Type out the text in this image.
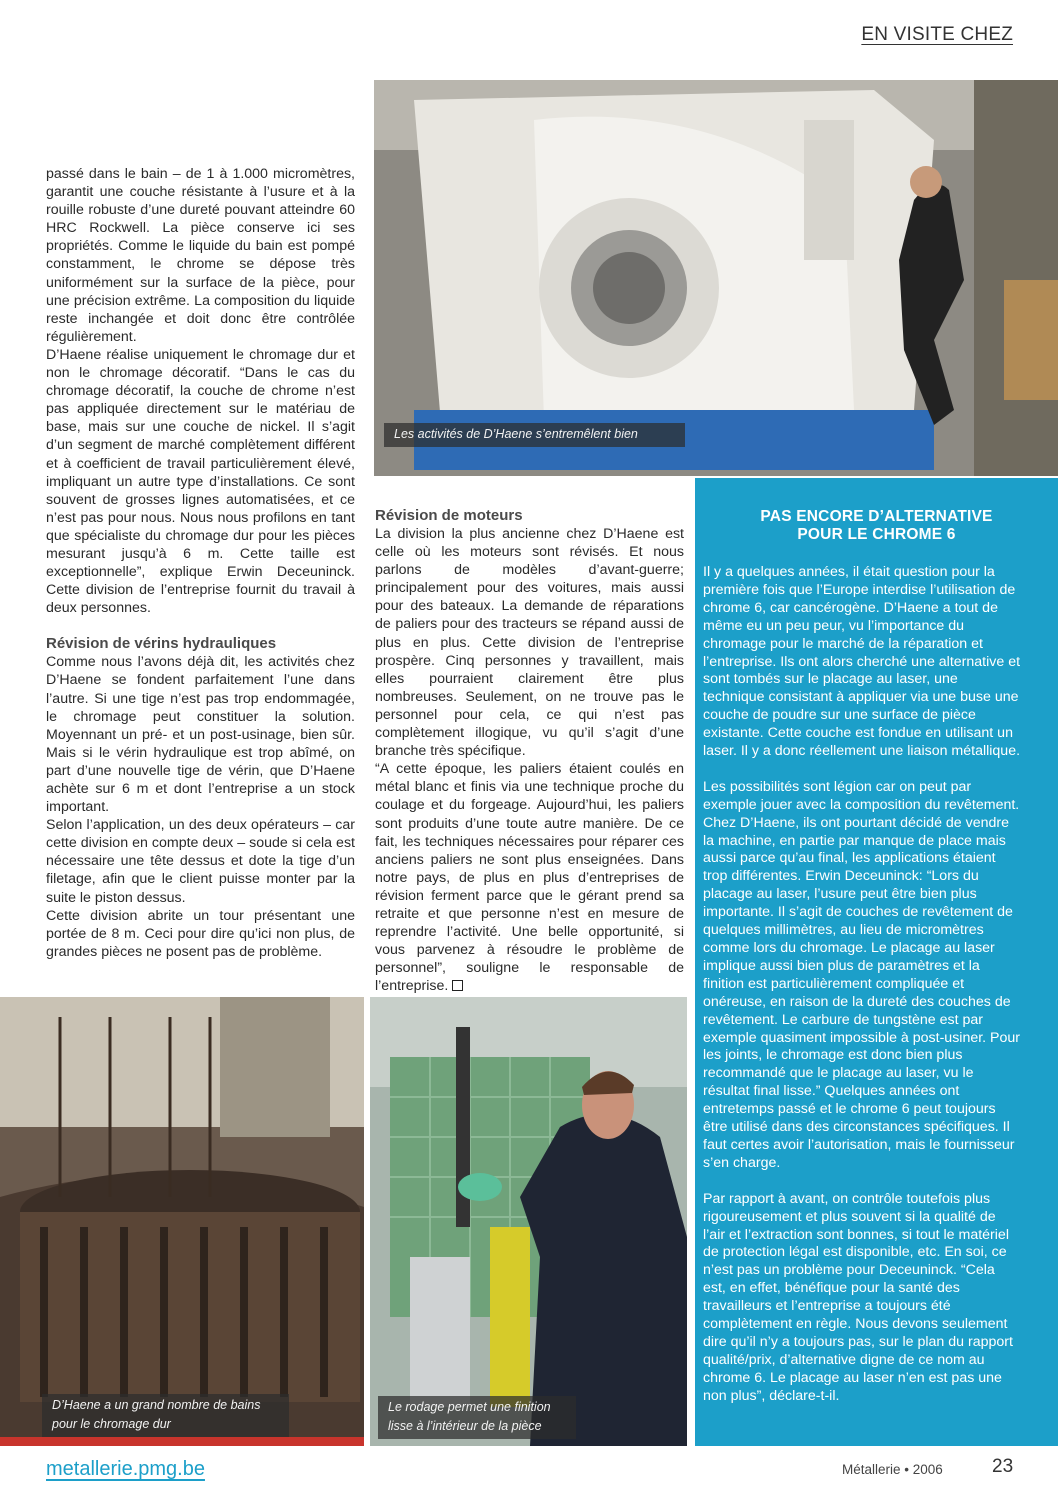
EN VISITE CHEZ

passé dans le bain – de 1 à 1.000 micromètres, garantit une couche résistante à l’usure et à la rouille robuste d’une dureté pouvant atteindre 60 HRC Rockwell. La pièce conserve ici ses propriétés. Comme le liquide du bain est pompé constamment, le chrome se dépose très uniformément sur la surface de la pièce, pour une précision extrême. La composition du liquide reste inchangée et doit donc être contrôlée régulièrement.

D’Haene réalise uniquement le chromage dur et non le chromage décoratif. “Dans le cas du chromage décoratif, la couche de chrome n’est pas appliquée directement sur le matériau de base, mais sur une couche de nickel. Il s’agit d’un segment de marché complètement différent et à coefficient de travail particulièrement élevé, impliquant un autre type d’installations. Ce sont souvent de grosses lignes automatisées, et ce n’est pas pour nous. Nous nous profilons en tant que spécialiste du chromage dur pour les pièces mesurant jusqu’à 6 m. Cette taille est exceptionnelle”, explique Erwin Deceuninck. Cette division de l’entreprise fournit du travail à deux personnes.

Révision de vérins hydrauliques

Comme nous l’avons déjà dit, les activités chez D’Haene se fondent parfaitement l’une dans l’autre. Si une tige n’est pas trop endommagée, le chromage peut constituer la solution. Moyennant un pré- et un post-usinage, bien sûr. Mais si le vérin hydraulique est trop abîmé, on part d’une nouvelle tige de vérin, que D’Haene achète sur 6 m et dont l’entreprise a un stock important.

Selon l’application, un des deux opérateurs – car cette division en compte deux – soude si cela est nécessaire une tête dessus et dote la tige d’un filetage, afin que le client puisse monter par la suite le piston dessus.

Cette division abrite un tour présentant une portée de 8 m. Ceci pour dire qu’ici non plus, de grandes pièces ne posent pas de problème.

Les activités de D’Haene s’entremêlent bien
Révision de moteurs

La division la plus ancienne chez D’Haene est celle où les moteurs sont révisés. Et nous parlons de modèles d’avant-guerre; principalement pour des voitures, mais aussi pour des bateaux. La demande de réparations de paliers pour des tracteurs se répand aussi de plus en plus. Cette division de l’entreprise prospère. Cinq personnes y travaillent, mais elles pourraient clairement être plus nombreuses. Seulement, on ne trouve pas le personnel pour cela, ce qui n’est pas complètement illogique, vu qu’il s’agit d’une branche très spécifique.

“A cette époque, les paliers étaient coulés en métal blanc et finis via une technique proche du coulage et du forgeage. Aujourd’hui, les paliers sont produits d’une toute autre manière. De ce fait, les techniques nécessaires pour réparer ces anciens paliers ne sont plus enseignées. Dans notre pays, de plus en plus d’entreprises de révision ferment parce que le gérant prend sa retraite et que personne n’est en mesure de reprendre l’activité. Une belle opportunité, si vous parvenez à résoudre le problème de personnel”, souligne le responsable de l’entreprise.

PAS ENCORE D’ALTERNATIVE
POUR LE CHROME 6

Il y a quelques années, il était question pour la première fois que l’Europe interdise l’utilisation de chrome 6, car cancérogène. D’Haene a tout de même eu un peu peur, vu l’importance du chromage pour le marché de la réparation et l’entreprise. Ils ont alors cherché une alternative et sont tombés sur le placage au laser, une technique consistant à appliquer via une buse une couche de poudre sur une surface de pièce existante. Cette couche est fondue en utilisant un laser. Il y a donc réellement une liaison métallique.

Les possibilités sont légion car on peut par exemple jouer avec la composition du revêtement. Chez D’Haene, ils ont pourtant décidé de vendre la machine, en partie par manque de place mais aussi parce qu’au final, les applications étaient trop différentes. Erwin Deceuninck: “Lors du placage au laser, l’usure peut être bien plus importante. Il s’agit de couches de revêtement de quelques millimètres, au lieu de micromètres comme lors du chromage. Le placage au laser implique aussi bien plus de paramètres et la finition est particulièrement compliquée et onéreuse, en raison de la dureté des couches de revêtement. Le carbure de tungstène est par exemple quasiment impossible à post-usiner. Pour les joints, le chromage est donc bien plus recommandé que le placage au laser, vu le résultat final lisse.” Quelques années ont entretemps passé et le chrome 6 peut toujours être utilisé dans des circonstances spécifiques. Il faut certes avoir l’autorisation, mais le fournisseur s’en charge.

Par rapport à avant, on contrôle toutefois plus rigoureusement et plus souvent si la qualité de l’air et l’extraction sont bonnes, si tout le matériel de protection légal est disponible, etc. En soi, ce n’est pas un problème pour Deceuninck. “Cela est, en effet, bénéfique pour la santé des travailleurs et l’entreprise a toujours été complètement en règle. Nous devons seulement dire qu’il n’y a toujours pas, sur le plan du rapport qualité/prix, d’alternative digne de ce nom au chrome 6. Le placage au laser n’en est pas une non plus”, déclare-t-il.

D’Haene a un grand nombre de bains pour le chromage dur
Le rodage permet une finition lisse à l’intérieur de la pièce
metallerie.pmg.be	Métallerie • 2006	23
